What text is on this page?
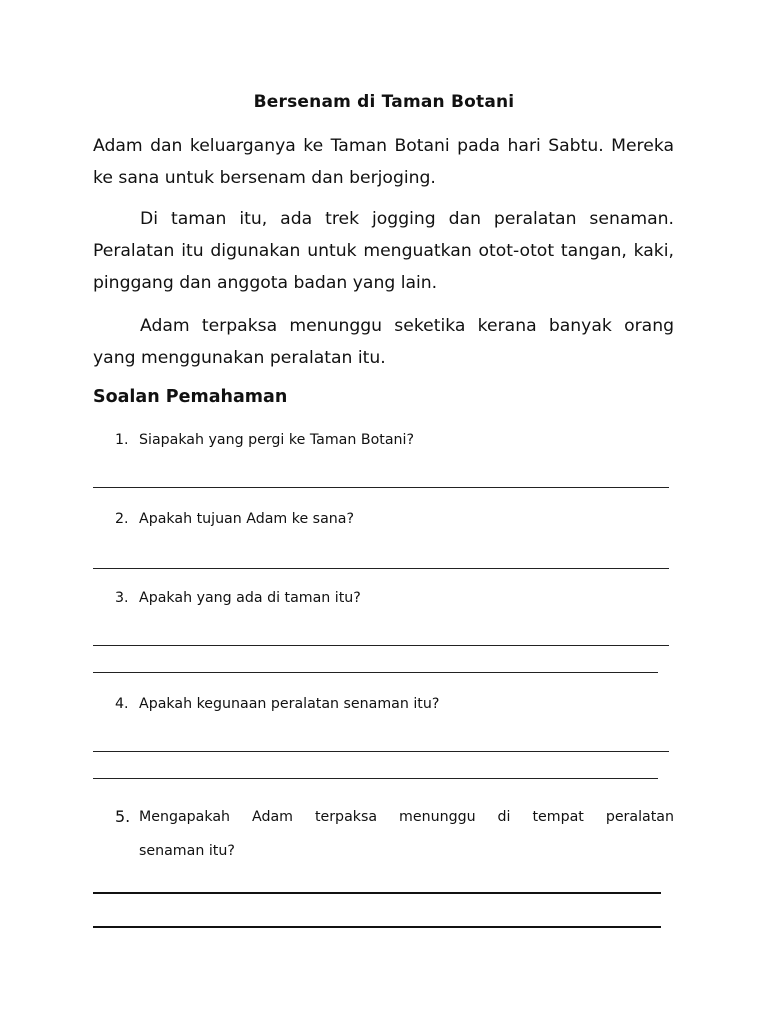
Bersenam di Taman Botani

Adam dan keluarganya ke Taman Botani pada hari Sabtu. Mereka ke sana untuk bersenam dan berjoging.

Di taman itu, ada trek jogging dan peralatan senaman. Peralatan itu digunakan untuk menguatkan otot-otot tangan, kaki, pinggang dan anggota badan yang lain.

Adam terpaksa menunggu seketika kerana banyak orang yang menggunakan peralatan itu.

Soalan Pemahaman
1. Siapakah yang pergi ke Taman Botani?
2. Apakah tujuan Adam ke sana?
3. Apakah yang ada di taman itu?
4. Apakah kegunaan peralatan senaman itu?
5. Mengapakah Adam terpaksa menunggu di tempat peralatan
senaman itu?
